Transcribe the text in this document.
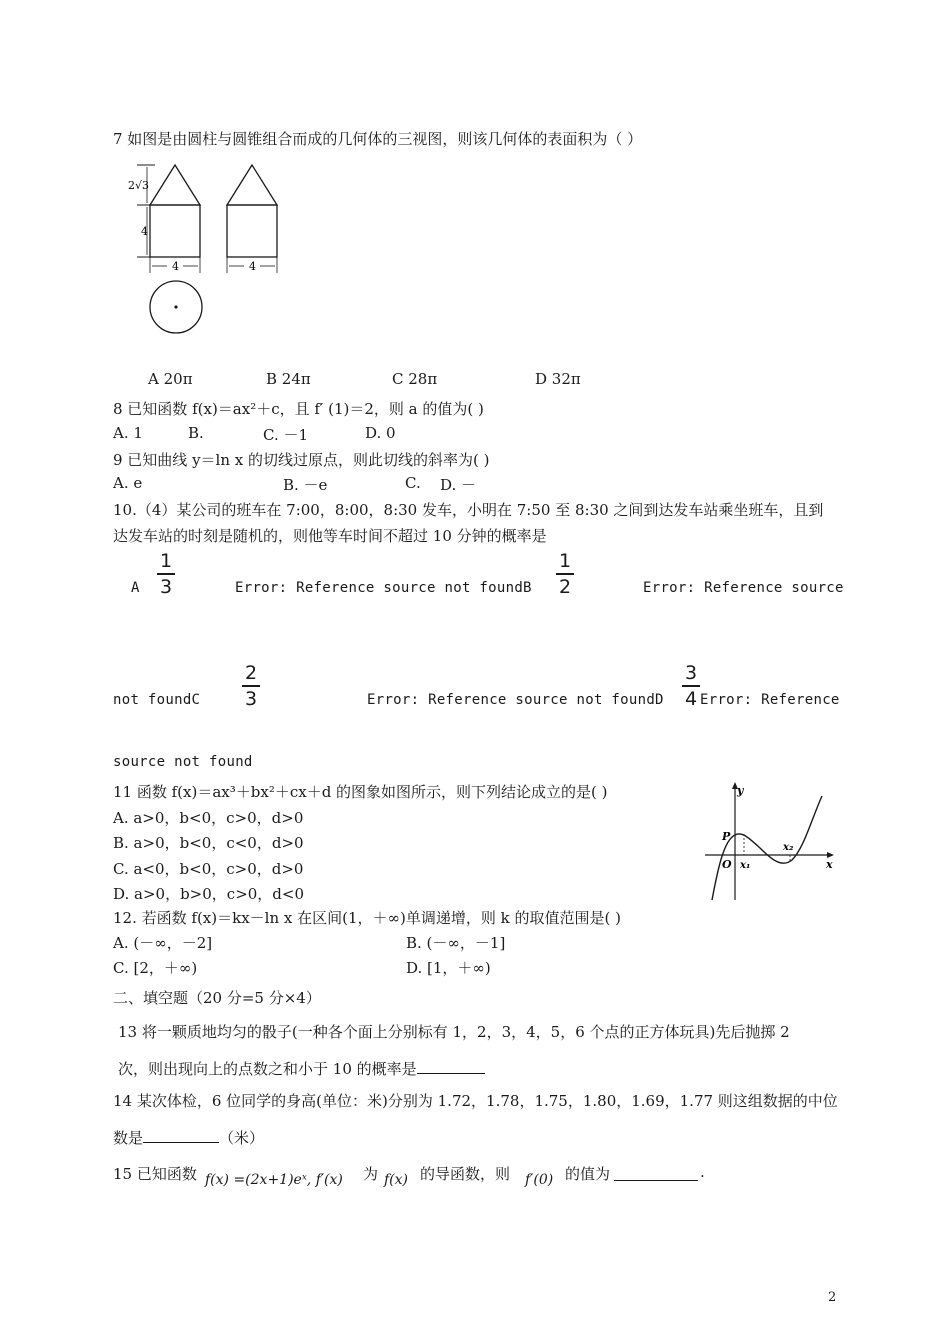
7 如图是由圆柱与圆锥组合而成的几何体的三视图，则该几何体的表面积为（ ）
2√3
4
4	4
A 20π	B 24π	C 28π	D 32π
8 已知函数 f(x)＝ax²＋c，且 f′ (1)＝2，则 a 的值为( )
A. 1	B.	C. －1	D. 0
9 已知曲线 y＝ln x 的切线过原点，则此切线的斜率为( )
A. e	B. －e	C. D. －
10.（4）某公司的班车在 7:00，8:00，8:30 发车，小明在 7:50 至 8:30 之间到达发车站乘坐班车，且到
达发车站的时刻是随机的，则他等车时间不超过 10 分钟的概率是
A
1
3	Error: Reference source not foundB
1
2	Error: Reference source
not foundC
2
3	Error: Reference source not foundD
3
4 Error: Reference
source not found
11 函数 f(x)＝ax³＋bx²＋cx＋d 的图象如图所示，则下列结论成立的是( )
A. a>0，b<0，c>0，d>0
B. a>0，b<0，c<0，d>0
C. a<0，b<0，c>0，d>0
D. a>0，b>0，c>0，d<0
y
x
O
P
x₁
x₂
12. 若函数 f(x)＝kx－ln x 在区间(1，＋∞)单调递增，则 k 的取值范围是( )
A. (－∞，－2]	B. (－∞，－1]
C. [2，＋∞)	D. [1，＋∞)
二、填空题（20 分=5 分×4）
13 将一颗质地均匀的骰子(一种各个面上分别标有 1，2，3，4，5，6 个点的正方体玩具)先后抛掷 2
次，则出现向上的点数之和小于 10 的概率是
14 某次体检，6 位同学的身高(单位：米)分别为 1.72，1.78，1.75，1.80，1.69，1.77 则这组数据的中位
数是	（米）
15 已知函数 f(x) =(2x+1)eˣ, f′(x) 为 f(x) 的导函数，则 f′(0) 的值为	.
2
